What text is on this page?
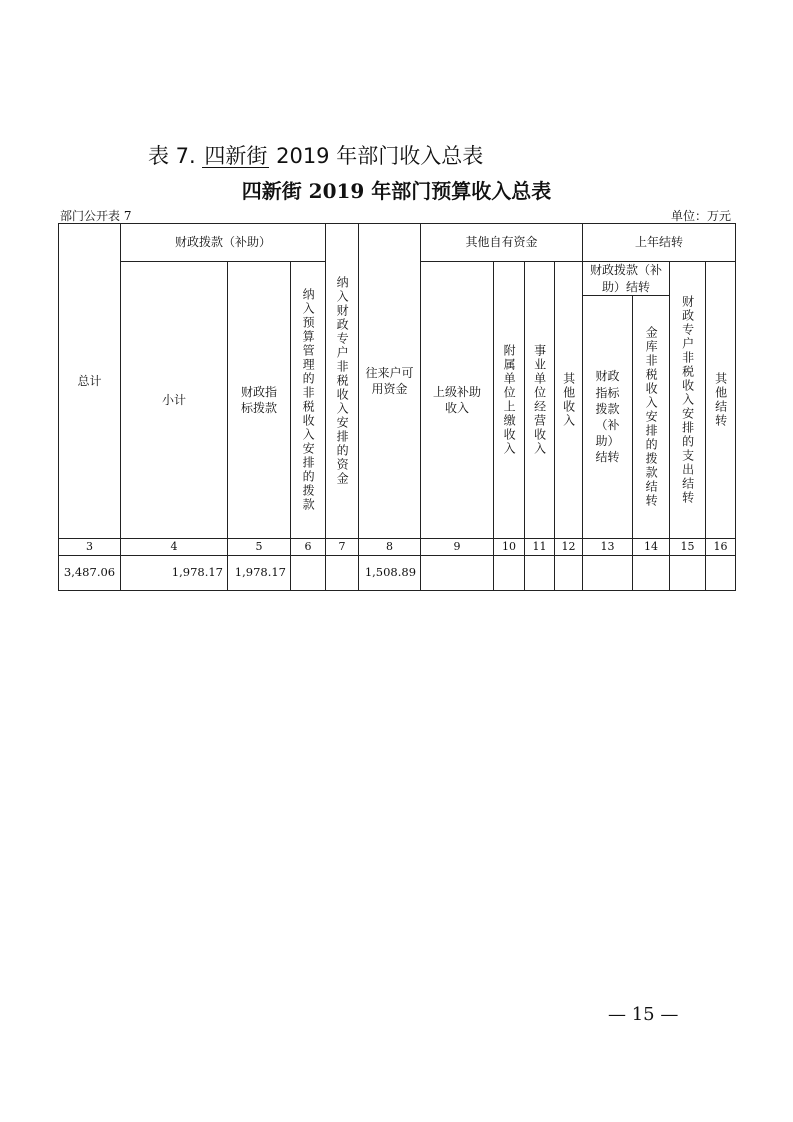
表 7. 四新街 2019 年部门收入总表
四新街 2019 年部门预算收入总表
部门公开表 7	单位：万元
总计	财政拨款（补助）			纳入财政专户非税收入安排的资金	往来户可用资金	其他自有资金				上年结转			
	小计	财政指标拨款	纳入预算管理的非税收入安排的拨款			上级补助收入	附属单位上缴收入	事业单位经营收入	其他收入	财政拨款（补助）结转		财政专户非税收入安排的支出结转	其他结转

										财政指标拨款（补助）结转	金库非税收入安排的拨款结转		

3	4	5	6	7	8	9	10	11	12	13	14	15	16
3,487.06	1,978.17	1,978.17			1,508.89								
— 15 —
